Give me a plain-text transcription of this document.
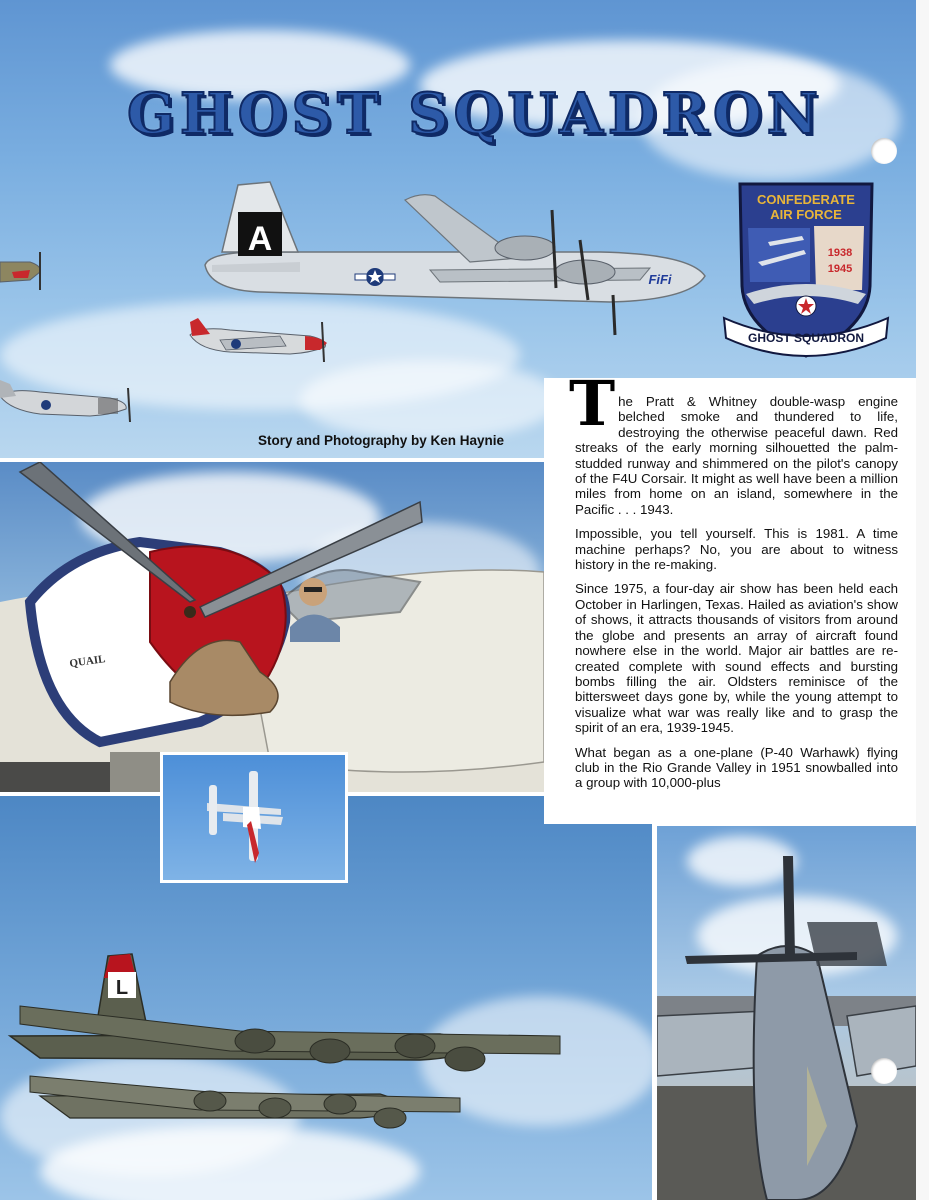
A
FiFi
GHOST SQUADRON
CONFEDERATE
AIR FORCE
1938
1945
GHOST SQUADRON
Story and Photography by Ken Haynie
QUAIL
L

The Pratt & Whitney double-wasp engine belched smoke and thundered to life, destroying the otherwise peaceful dawn. Red streaks of the early morning silhouetted the palm-studded runway and shimmered on the pilot's canopy of the F4U Corsair. It might as well have been a million miles from home on an island, somewhere in the Pacific . . . 1943.

Impossible, you tell yourself. This is 1981. A time machine perhaps? No, you are about to witness history in the re-making.

Since 1975, a four-day air show has been held each October in Harlingen, Texas. Hailed as aviation's show of shows, it attracts thousands of visitors from around the globe and presents an array of aircraft found nowhere else in the world. Major air battles are re-created complete with sound effects and bursting bombs filling the air. Oldsters reminisce of the bittersweet days gone by, while the young attempt to visualize what war was really like and to grasp the spirit of an era, 1939-1945.

What began as a one-plane (P-40 Warhawk) flying club in the Rio Grande Valley in 1951 snowballed into a group with 10,000-plus
